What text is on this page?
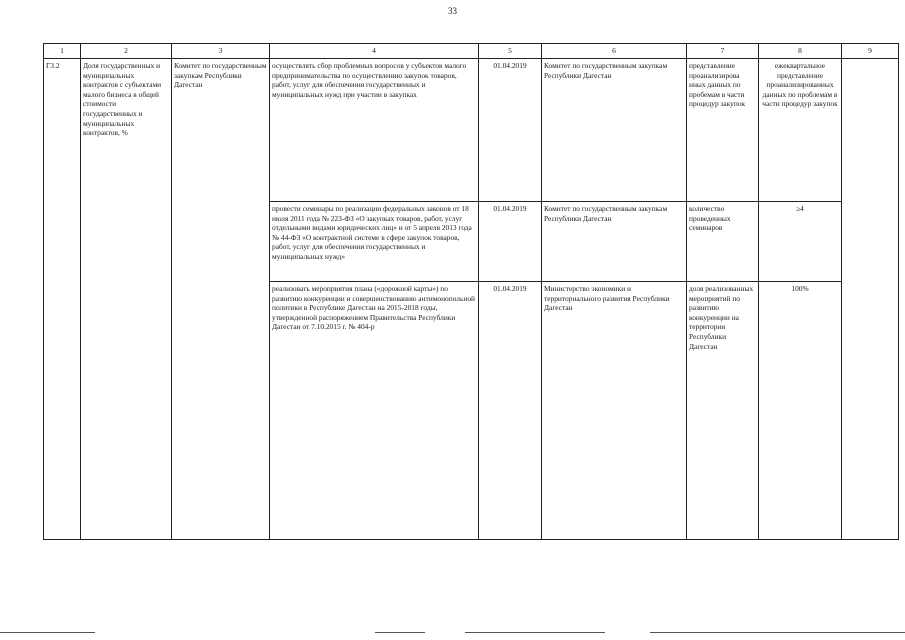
33
1	2	3	4	5	6	7	8	9
Г3.2	Доля государственных и муниципальных контрактов с субъектами малого бизнеса в общей стоимости государственных и муниципальных контрактов, %	Комитет по государственным закупкам Республики Дагестан	осуществлять сбор проблемных вопросов у субъектов малого предпринимательства по осуществлению закупок товаров, работ, услуг для обеспечения государственных и муниципальных нужд при участии в закупках	01.04.2019	Комитет по государственным закупкам Республики Дагестан	представление проанализирова нных данных по пробемам в части процедур закупок	ежеквартальное представление проанализированных данных по проблемам в части процедур закупок	
			провести семинары по реализации федеральных законов от 18 июля 2011 года № 223-ФЗ «О закупках товаров, работ, услуг отдельными видами юридических лиц» и от 5 апреля 2013 года № 44-ФЗ «О контрактной системе в сфере закупок товаров, работ, услуг для обеспечения государственных и муниципальных нужд»	01.04.2019	Комитет по государственным закупкам Республики Дагестан	количество проведенных семинаров	≥4	
			реализовать мероприятия плана («дорожной карты») по развитию конкуренции и совершенствованию антимонопольной политики в Республике Дагестан на 2015-2018 годы, утвержденной распоряжением Правительства Республики Дагестан от 7.10.2015 г. № 404-р	01.04.2019	Министерство экономики и территориального развития Республики Дагестан	доля реализованных мероприятий по развитию конкуренции на территории Республики Дагестан	100%	
